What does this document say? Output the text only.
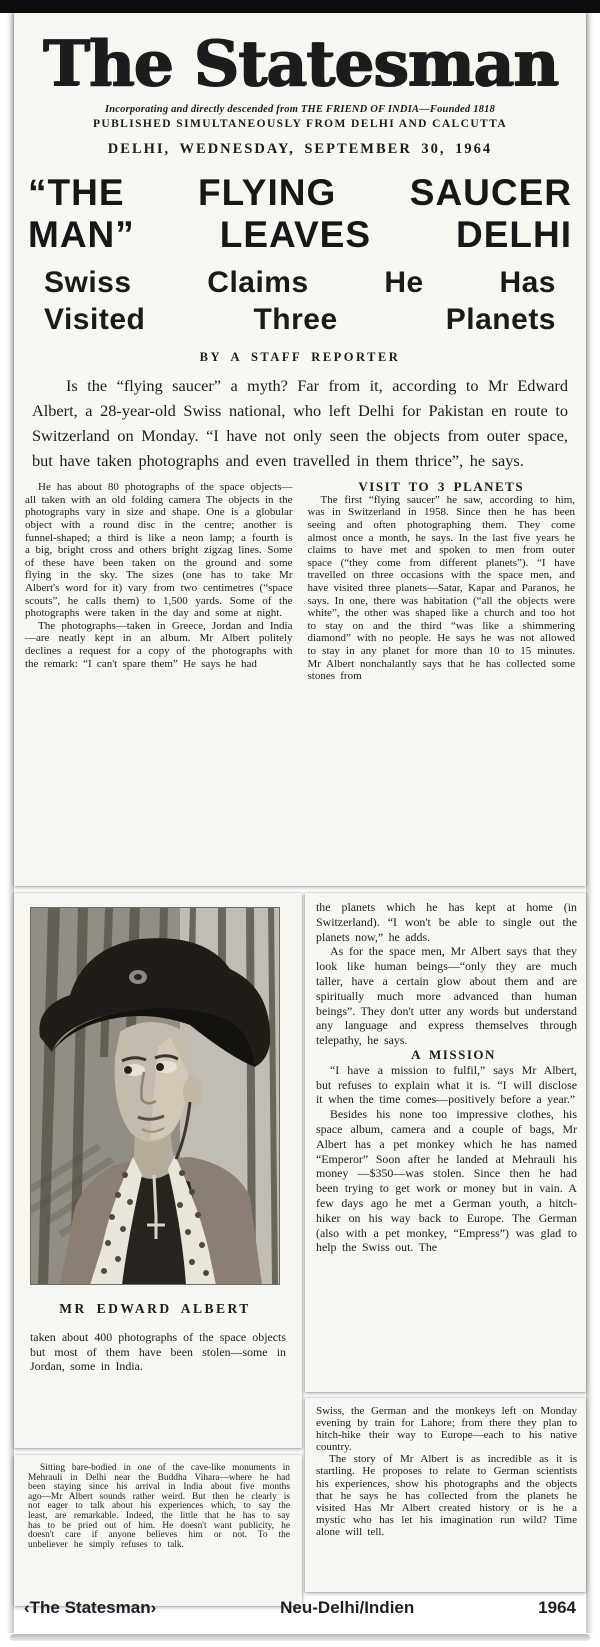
The Statesman
Incorporating and directly descended from THE FRIEND OF INDIA—Founded 1818
PUBLISHED SIMULTANEOUSLY FROM DELHI AND CALCUTTA
DELHI, WEDNESDAY, SEPTEMBER 30, 1964
“THE FLYING SAUCER
MAN” LEAVES DELHI
Swiss Claims He Has
Visited Three Planets
BY A STAFF REPORTER

Is the “flying saucer” a myth? Far from it, according to Mr Edward Albert, a 28-year-old Swiss national, who left Delhi for Pakistan en route to Switzerland on Monday. “I have not only seen the objects from outer space, but have taken photographs and even travelled in them thrice”, he says.

He has about 80 photographs of the space objects—all taken with an old folding camera The objects in the photographs vary in size and shape. One is a globular object with a round disc in the centre; another is funnel-shaped; a third is like a neon lamp; a fourth is a big, bright cross and others bright zigzag lines. Some of these have been taken on the ground and some flying in the sky. The sizes (one has to take Mr Albert's word for it) vary from two centimetres (“space scouts”, he calls them) to 1,500 yards. Some of the photographs were taken in the day and some at night.

The photographs—taken in Greece, Jordan and India—are neatly kept in an album. Mr Albert politely declines a request for a copy of the photographs with the remark: “I can't spare them” He says he had

VISIT TO 3 PLANETS

The first “flying saucer” he saw, according to him, was in Switzerland in 1958. Since then he has been seeing and often photographing them. They come almost once a month, he says. In the last five years he claims to have met and spoken to men from outer space (“they come from different planets”). “I have travelled on three occasions with the space men, and have visited three planets—Satar, Kapar and Paranos, he says. In one, there was habitation (“all the objects were white”, the other was shaped like a church and too hot to stay on and the third “was like a shimmering diamond” with no people. He says he was not allowed to stay in any planet for more than 10 to 15 minutes. Mr Albert nonchalantly says that he has collected some stones from

MR EDWARD ALBERT

taken about 400 photographs of the space objects but most of them have been stolen—some in Jordan, some in India.

the planets which he has kept at home (in Switzerland). “I won't be able to single out the planets now,” he adds.

As for the space men, Mr Albert says that they look like human beings—“only they are much taller, have a certain glow about them and are spiritually much more advanced than human beings”. They don't utter any words but understand any language and express themselves through telepathy, he says.

A MISSION

“I have a mission to fulfil,” says Mr Albert, but refuses to explain what it is. “I will disclose it when the time comes—positively before a year.”

Besides his none too impressive clothes, his space album, camera and a couple of bags, Mr Albert has a pet monkey which he has named “Emperor” Soon after he landed at Mehrauli his money —$350—was stolen. Since then he had been trying to get work or money but in vain. A few days ago he met a German youth, a hitch-hiker on his way back to Europe. The German (also with a pet monkey, “Empress”) was glad to help the Swiss out. The

Sitting bare-bodied in one of the cave-like monuments in Mehrauli in Delhi near the Buddha Vihara—where he had been staying since his arrival in India about five months ago—Mr Albert sounds rather weird. But then he clearly is not eager to talk about his experiences which, to say the least, are remarkable. Indeed, the little that he has to say has to be pried out of him. He doesn't want publicity, he doesn't care if anyone believes him or not. To the unbeliever he simply refuses to talk.

Swiss, the German and the monkeys left on Monday evening by train for Lahore; from there they plan to hitch-hike their way to Europe—each to his native country.

The story of Mr Albert is as incredible as it is startling. He proposes to relate to German scientists his experiences, show his photographs and the objects that he says he has collected from the planets he visited Has Mr Albert created history or is he a mystic who has let his imagination run wild? Time alone will tell.

‹The Statesman›	Neu-Delhi/Indien	1964
